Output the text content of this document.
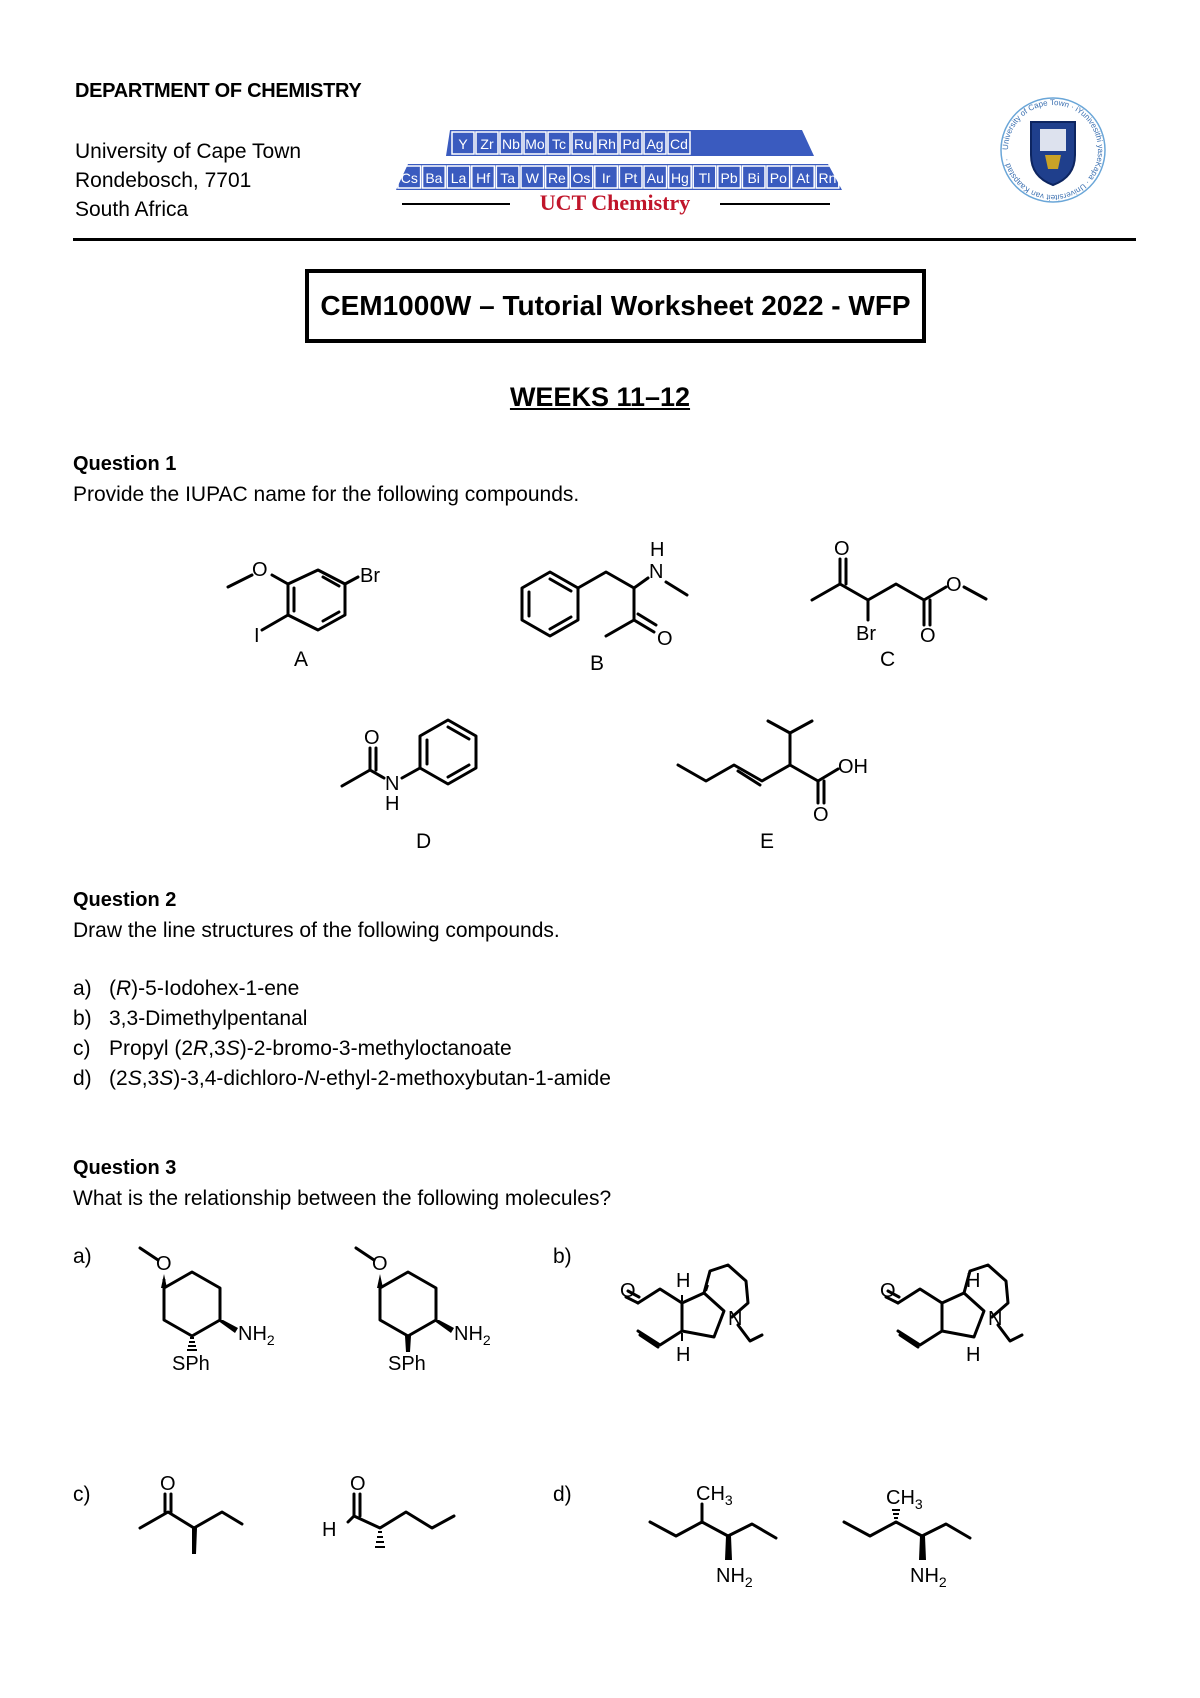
DEPARTMENT OF CHEMISTRY
University of Cape Town
Rondebosch, 7701
South Africa
Y Zr Nb Mo Tc Ru Rh Pd Ag Cd
Cs Ba La Hf Ta W Re Os Ir Pt Au Hg Tl Pb Bi Po At Rn
UCT Chemistry
University of Cape Town · iYunivesithi yaseKapa · Universiteit van Kaapstad ·
CEM1000W – Tutorial Worksheet 2022 - WFP
WEEKS 11–12
Question 1
Provide the IUPAC name for the following compounds.
Br
I
O
A
H
N
O
B
O
O
Br O
C
O
N
H
D
OH
O
E
Question 2
Draw the line structures of the following compounds.
a) (R)-5-Iodohex-1-ene
b) 3,3-Dimethylpentanal
c) Propyl (2R,3S)-2-bromo-3-methyloctanoate
d) (2S,3S)-3,4-dichloro-N-ethyl-2-methoxybutan-1-amide
Question 3
What is the relationship between the following molecules?
a)	b)
c)	d)
O
$NH_2$
SPh
O
$NH_2$
SPh
O H
H
N
O	H
H
N
O	O
H
$CH_3$
$NH_2$
$CH_3$
$NH_2$
